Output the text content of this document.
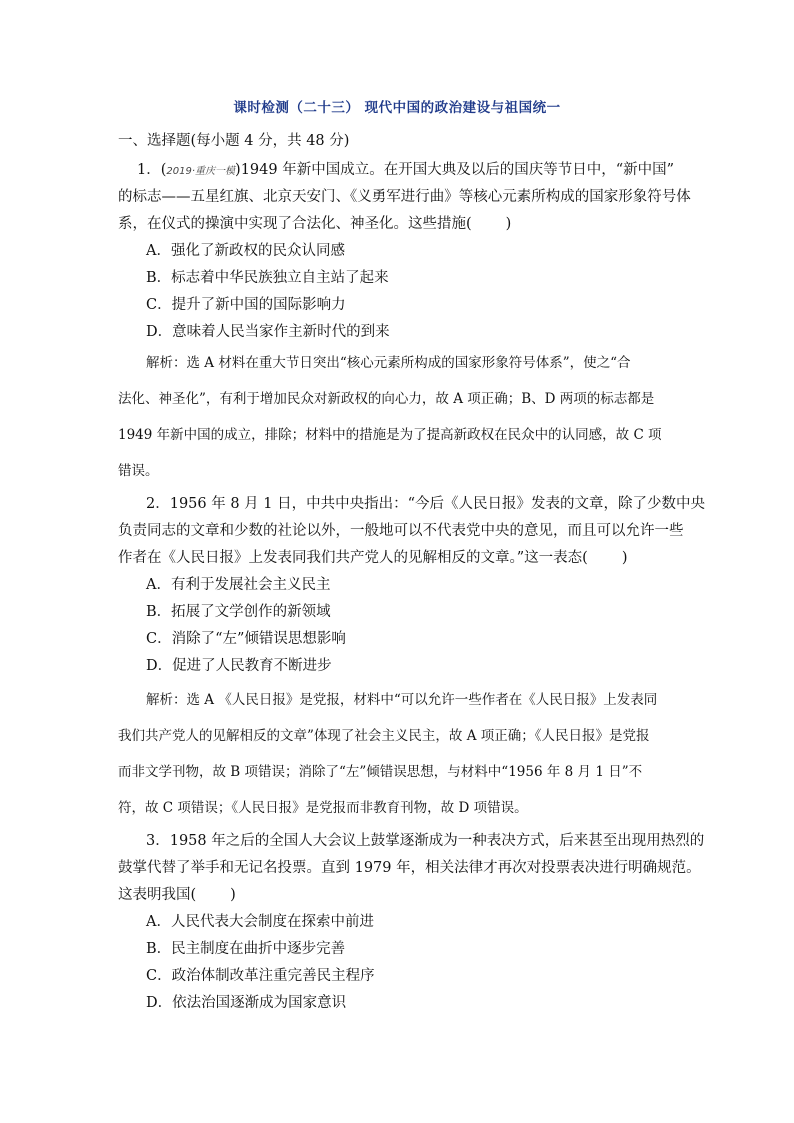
课时检测（二十三） 现代中国的政治建设与祖国统一
一、选择题(每小题 4 分，共 48 分)
1．(2019·重庆一模)1949 年新中国成立。在开国大典及以后的国庆等节日中，“新中国”
的标志——五星红旗、北京天安门、《义勇军进行曲》等核心元素所构成的国家形象符号体
系，在仪式的操演中实现了合法化、神圣化。这些措施( )
A．强化了新政权的民众认同感
B．标志着中华民族独立自主站了起来
C．提升了新中国的国际影响力
D．意味着人民当家作主新时代的到来
解析：选 A 材料在重大节日突出“核心元素所构成的国家形象符号体系”，使之“合
法化、神圣化”，有利于增加民众对新政权的向心力，故 A 项正确；B、D 两项的标志都是
1949 年新中国的成立，排除；材料中的措施是为了提高新政权在民众中的认同感，故 C 项
错误。
2．1956 年 8 月 1 日，中共中央指出：“今后《人民日报》发表的文章，除了少数中央
负责同志的文章和少数的社论以外，一般地可以不代表党中央的意见，而且可以允许一些
作者在《人民日报》上发表同我们共产党人的见解相反的文章。”这一表态( )
A．有利于发展社会主义民主
B．拓展了文学创作的新领域
C．消除了“左”倾错误思想影响
D．促进了人民教育不断进步
解析：选 A 《人民日报》是党报，材料中“可以允许一些作者在《人民日报》上发表同
我们共产党人的见解相反的文章”体现了社会主义民主，故 A 项正确；《人民日报》是党报
而非文学刊物，故 B 项错误；消除了“左”倾错误思想，与材料中“1956 年 8 月 1 日”不
符，故 C 项错误；《人民日报》是党报而非教育刊物，故 D 项错误。
3．1958 年之后的全国人大会议上鼓掌逐渐成为一种表决方式，后来甚至出现用热烈的
鼓掌代替了举手和无记名投票。直到 1979 年，相关法律才再次对投票表决进行明确规范。
这表明我国( )
A．人民代表大会制度在探索中前进
B．民主制度在曲折中逐步完善
C．政治体制改革注重完善民主程序
D．依法治国逐渐成为国家意识
